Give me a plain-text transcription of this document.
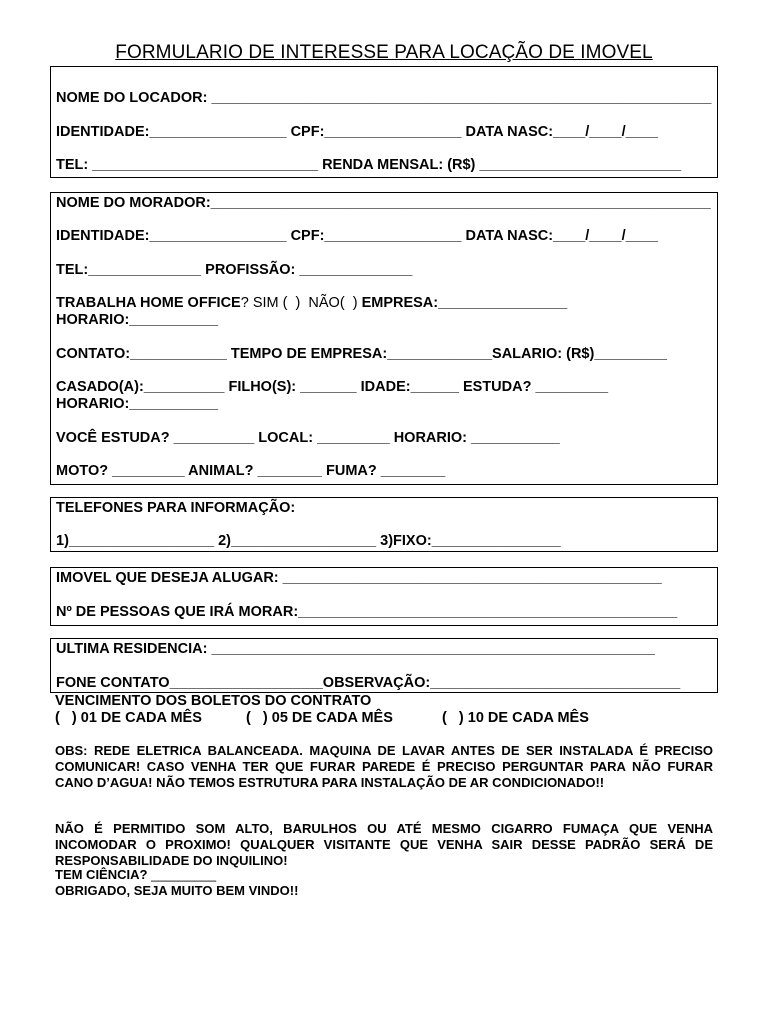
FORMULARIO DE INTERESSE PARA LOCAÇÃO DE IMOVEL
NOME DO LOCADOR: ______________________________________________________________
IDENTIDADE:_________________ CPF:_________________ DATA NASC:____/____/____
TEL: ____________________________ RENDA MENSAL: (R$) _________________________
NOME DO MORADOR:______________________________________________________________
IDENTIDADE:_________________ CPF:_________________ DATA NASC:____/____/____
TEL:______________ PROFISSÃO: ______________
TRABALHA HOME OFFICE? SIM (  )  NÃO(  ) EMPRESA:________________
HORARIO:___________
CONTATO:____________ TEMPO DE EMPRESA:_____________SALARIO: (R$)_________
CASADO(A):__________ FILHO(S): _______ IDADE:______ ESTUDA? _________
HORARIO:___________
VOCÊ ESTUDA? __________ LOCAL: _________ HORARIO: ___________
MOTO? _________ ANIMAL? ________ FUMA? ________
TELEFONES PARA INFORMAÇÃO:
1)__________________ 2)__________________ 3)FIXO:________________
IMOVEL QUE DESEJA ALUGAR: _______________________________________________
Nº DE PESSOAS QUE IRÁ MORAR:_______________________________________________
ULTIMA RESIDENCIA: _______________________________________________________
FONE CONTATO___________________OBSERVAÇÃO:_______________________________
VENCIMENTO DOS BOLETOS DO CONTRATO
(   ) 01 DE CADA MÊS	(   ) 05 DE CADA MÊS	(   ) 10 DE CADA MÊS
OBS: REDE ELETRICA BALANCEADA. MAQUINA DE LAVAR ANTES DE SER INSTALADA É PRECISO COMUNICAR! CASO VENHA TER QUE FURAR PAREDE É PRECISO PERGUNTAR PARA NÃO FURAR CANO D’AGUA! NÃO TEMOS ESTRUTURA PARA INSTALAÇÃO DE AR CONDICIONADO!!
NÃO É PERMITIDO SOM ALTO, BARULHOS OU ATÉ MESMO CIGARRO FUMAÇA QUE VENHA INCOMODAR O PROXIMO! QUALQUER VISITANTE QUE VENHA SAIR DESSE PADRÃO SERÁ DE RESPONSABILIDADE DO INQUILINO!
TEM CIÊNCIA? _________
OBRIGADO, SEJA MUITO BEM VINDO!!
